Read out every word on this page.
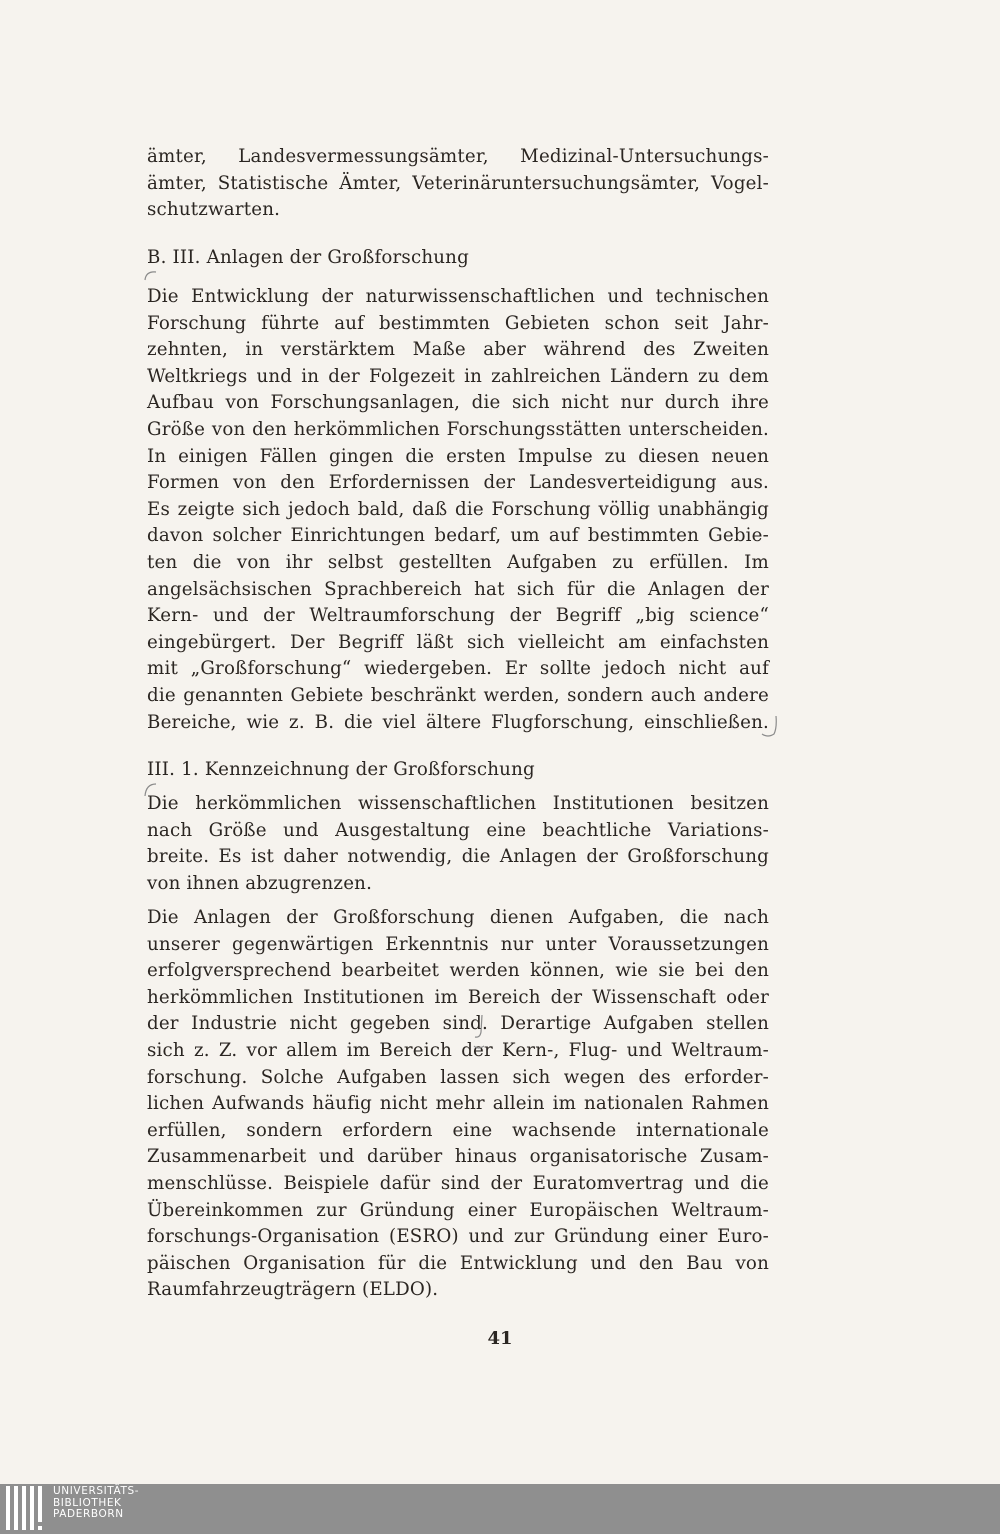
ämter, Landesvermessungsämter, Medizinal-Untersuchungs-
ämter, Statistische Ämter, Veterinäruntersuchungsämter, Vogel-
schutzwarten.
B. III. Anlagen der Großforschung
Die Entwicklung der naturwissenschaftlichen und technischen
Forschung führte auf bestimmten Gebieten schon seit Jahr-
zehnten, in verstärktem Maße aber während des Zweiten
Weltkriegs und in der Folgezeit in zahlreichen Ländern zu dem
Aufbau von Forschungsanlagen, die sich nicht nur durch ihre
Größe von den herkömmlichen Forschungsstätten unterscheiden.
In einigen Fällen gingen die ersten Impulse zu diesen neuen
Formen von den Erfordernissen der Landesverteidigung aus.
Es zeigte sich jedoch bald, daß die Forschung völlig unabhängig
davon solcher Einrichtungen bedarf, um auf bestimmten Gebie-
ten die von ihr selbst gestellten Aufgaben zu erfüllen. Im
angelsächsischen Sprachbereich hat sich für die Anlagen der
Kern- und der Weltraumforschung der Begriff „big science“
eingebürgert. Der Begriff läßt sich vielleicht am einfachsten
mit „Großforschung“ wiedergeben. Er sollte jedoch nicht auf
die genannten Gebiete beschränkt werden, sondern auch andere
Bereiche, wie z. B. die viel ältere Flugforschung, einschließen.
III. 1. Kennzeichnung der Großforschung
Die herkömmlichen wissenschaftlichen Institutionen besitzen
nach Größe und Ausgestaltung eine beachtliche Variations-
breite. Es ist daher notwendig, die Anlagen der Großforschung
von ihnen abzugrenzen.
Die Anlagen der Großforschung dienen Aufgaben, die nach
unserer gegenwärtigen Erkenntnis nur unter Voraussetzungen
erfolgversprechend bearbeitet werden können, wie sie bei den
herkömmlichen Institutionen im Bereich der Wissenschaft oder
der Industrie nicht gegeben sind. Derartige Aufgaben stellen
sich z. Z. vor allem im Bereich der Kern-, Flug- und Weltraum-
forschung. Solche Aufgaben lassen sich wegen des erforder-
lichen Aufwands häufig nicht mehr allein im nationalen Rahmen
erfüllen, sondern erfordern eine wachsende internationale
Zusammenarbeit und darüber hinaus organisatorische Zusam-
menschlüsse. Beispiele dafür sind der Euratomvertrag und die
Übereinkommen zur Gründung einer Europäischen Weltraum-
forschungs-Organisation (ESRO) und zur Gründung einer Euro-
päischen Organisation für die Entwicklung und den Bau von
Raumfahrzeugträgern (ELDO).
41
UNIVERSITÄTS-
BIBLIOTHEK
PADERBORN
